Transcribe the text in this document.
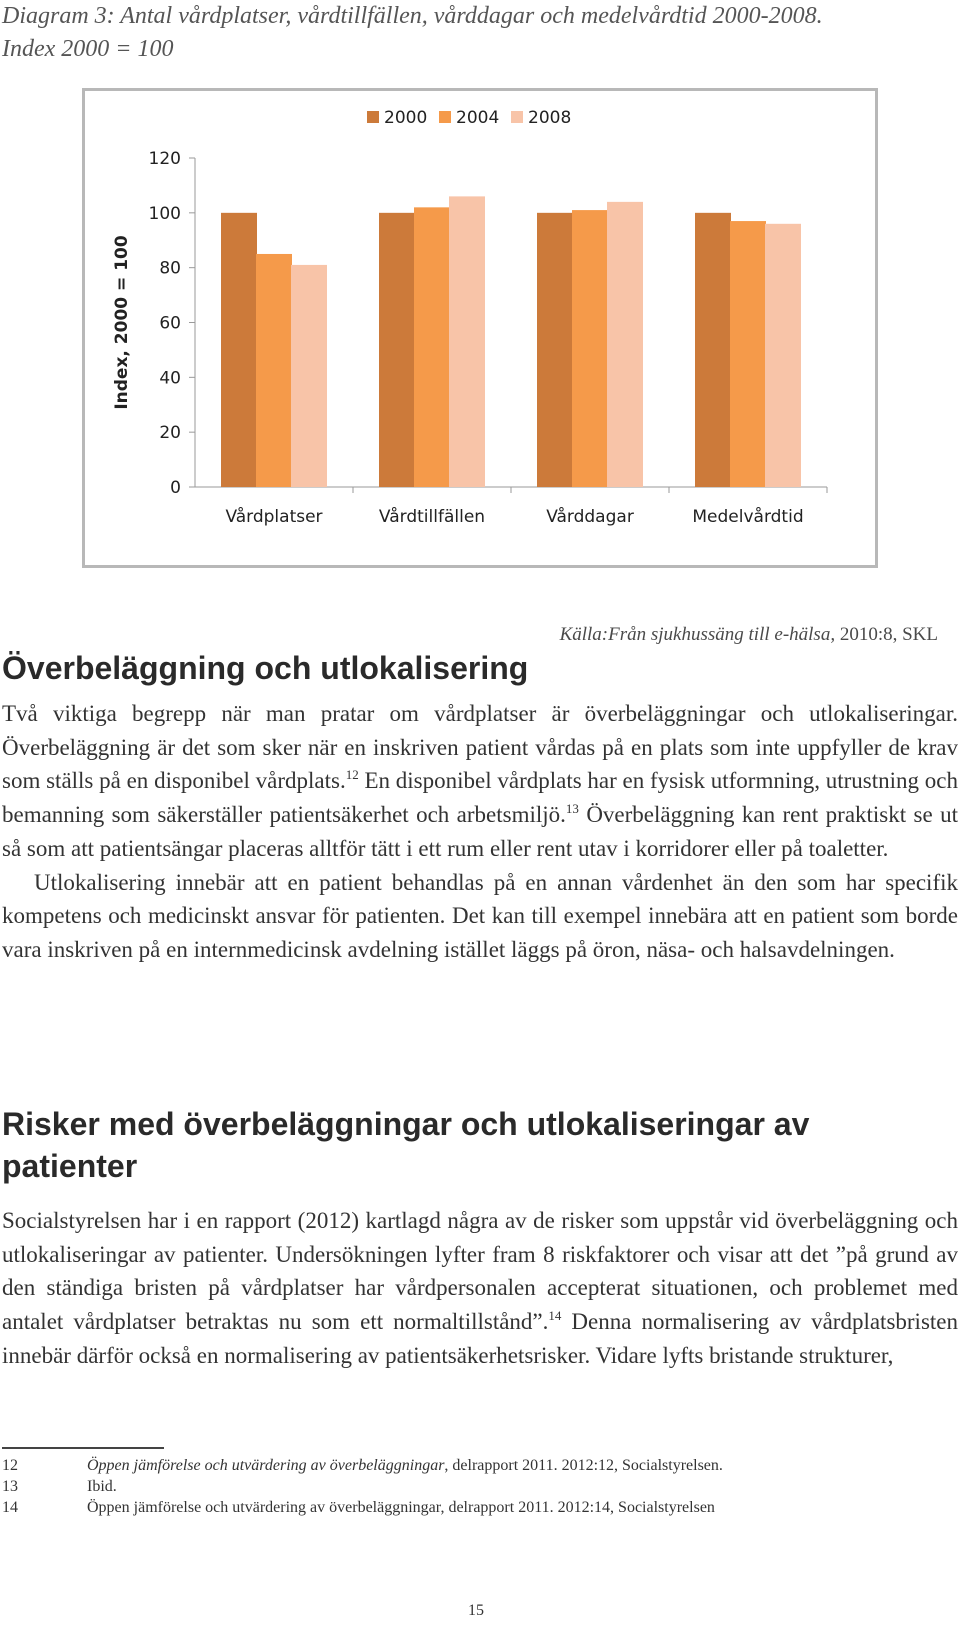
Diagram 3: Antal vårdplatser, vårdtillfällen, vårddagar och medelvårdtid 2000-2008.
Index 2000 = 100
0
20
40
60
80
100
120
Index, 2000 = 100
Vårdplatser	Vårdtillfällen	Vårddagar	Medelvårdtid
2000 2004 2008
Källa:Från sjukhussäng till e-hälsa, 2010:8, SKL
Överbeläggning och utlokalisering

Två viktiga begrepp när man pratar om vårdplatser är överbeläggningar och utlokaliseringar. Överbeläggning är det som sker när en inskriven patient vårdas på en plats som inte uppfyller de krav som ställs på en disponibel vårdplats.$^{12}$ En disponibel vårdplats har en fysisk utformning, utrustning och bemanning som säkerställer patientsäkerhet och arbetsmiljö.$^{13}$ Överbeläggning kan rent praktiskt se ut så som att patientsängar placeras alltför tätt i ett rum eller rent utav i korridorer eller på toaletter.
Utlokalisering innebär att en patient behandlas på en annan vårdenhet än den som har specifik kompetens och medicinskt ansvar för patienten. Det kan till exempel innebära att en patient som borde vara inskriven på en internmedicinsk avdelning istället läggs på öron, näsa- och halsavdelningen.

Risker med överbeläggningar och utlokaliseringar av patienter

Socialstyrelsen har i en rapport (2012) kartlagd några av de risker som uppstår vid överbeläggning och utlokaliseringar av patienter. Undersökningen lyfter fram 8 riskfaktorer och visar att det ”på grund av den ständiga bristen på vårdplatser har vårdpersonalen accepterat situationen, och problemet med antalet vårdplatser betraktas nu som ett normaltillstånd”.$^{14}$ Denna normalisering av vårdplatsbristen innebär därför också en normalisering av patientsäkerhetsrisker. Vidare lyfts bristande strukturer,

12	Öppen jämförelse och utvärdering av överbeläggningar, delrapport 2011. 2012:12, Socialstyrelsen.
13	Ibid.
14	Öppen jämförelse och utvärdering av överbeläggningar, delrapport 2011. 2012:14, Socialstyrelsen
15
